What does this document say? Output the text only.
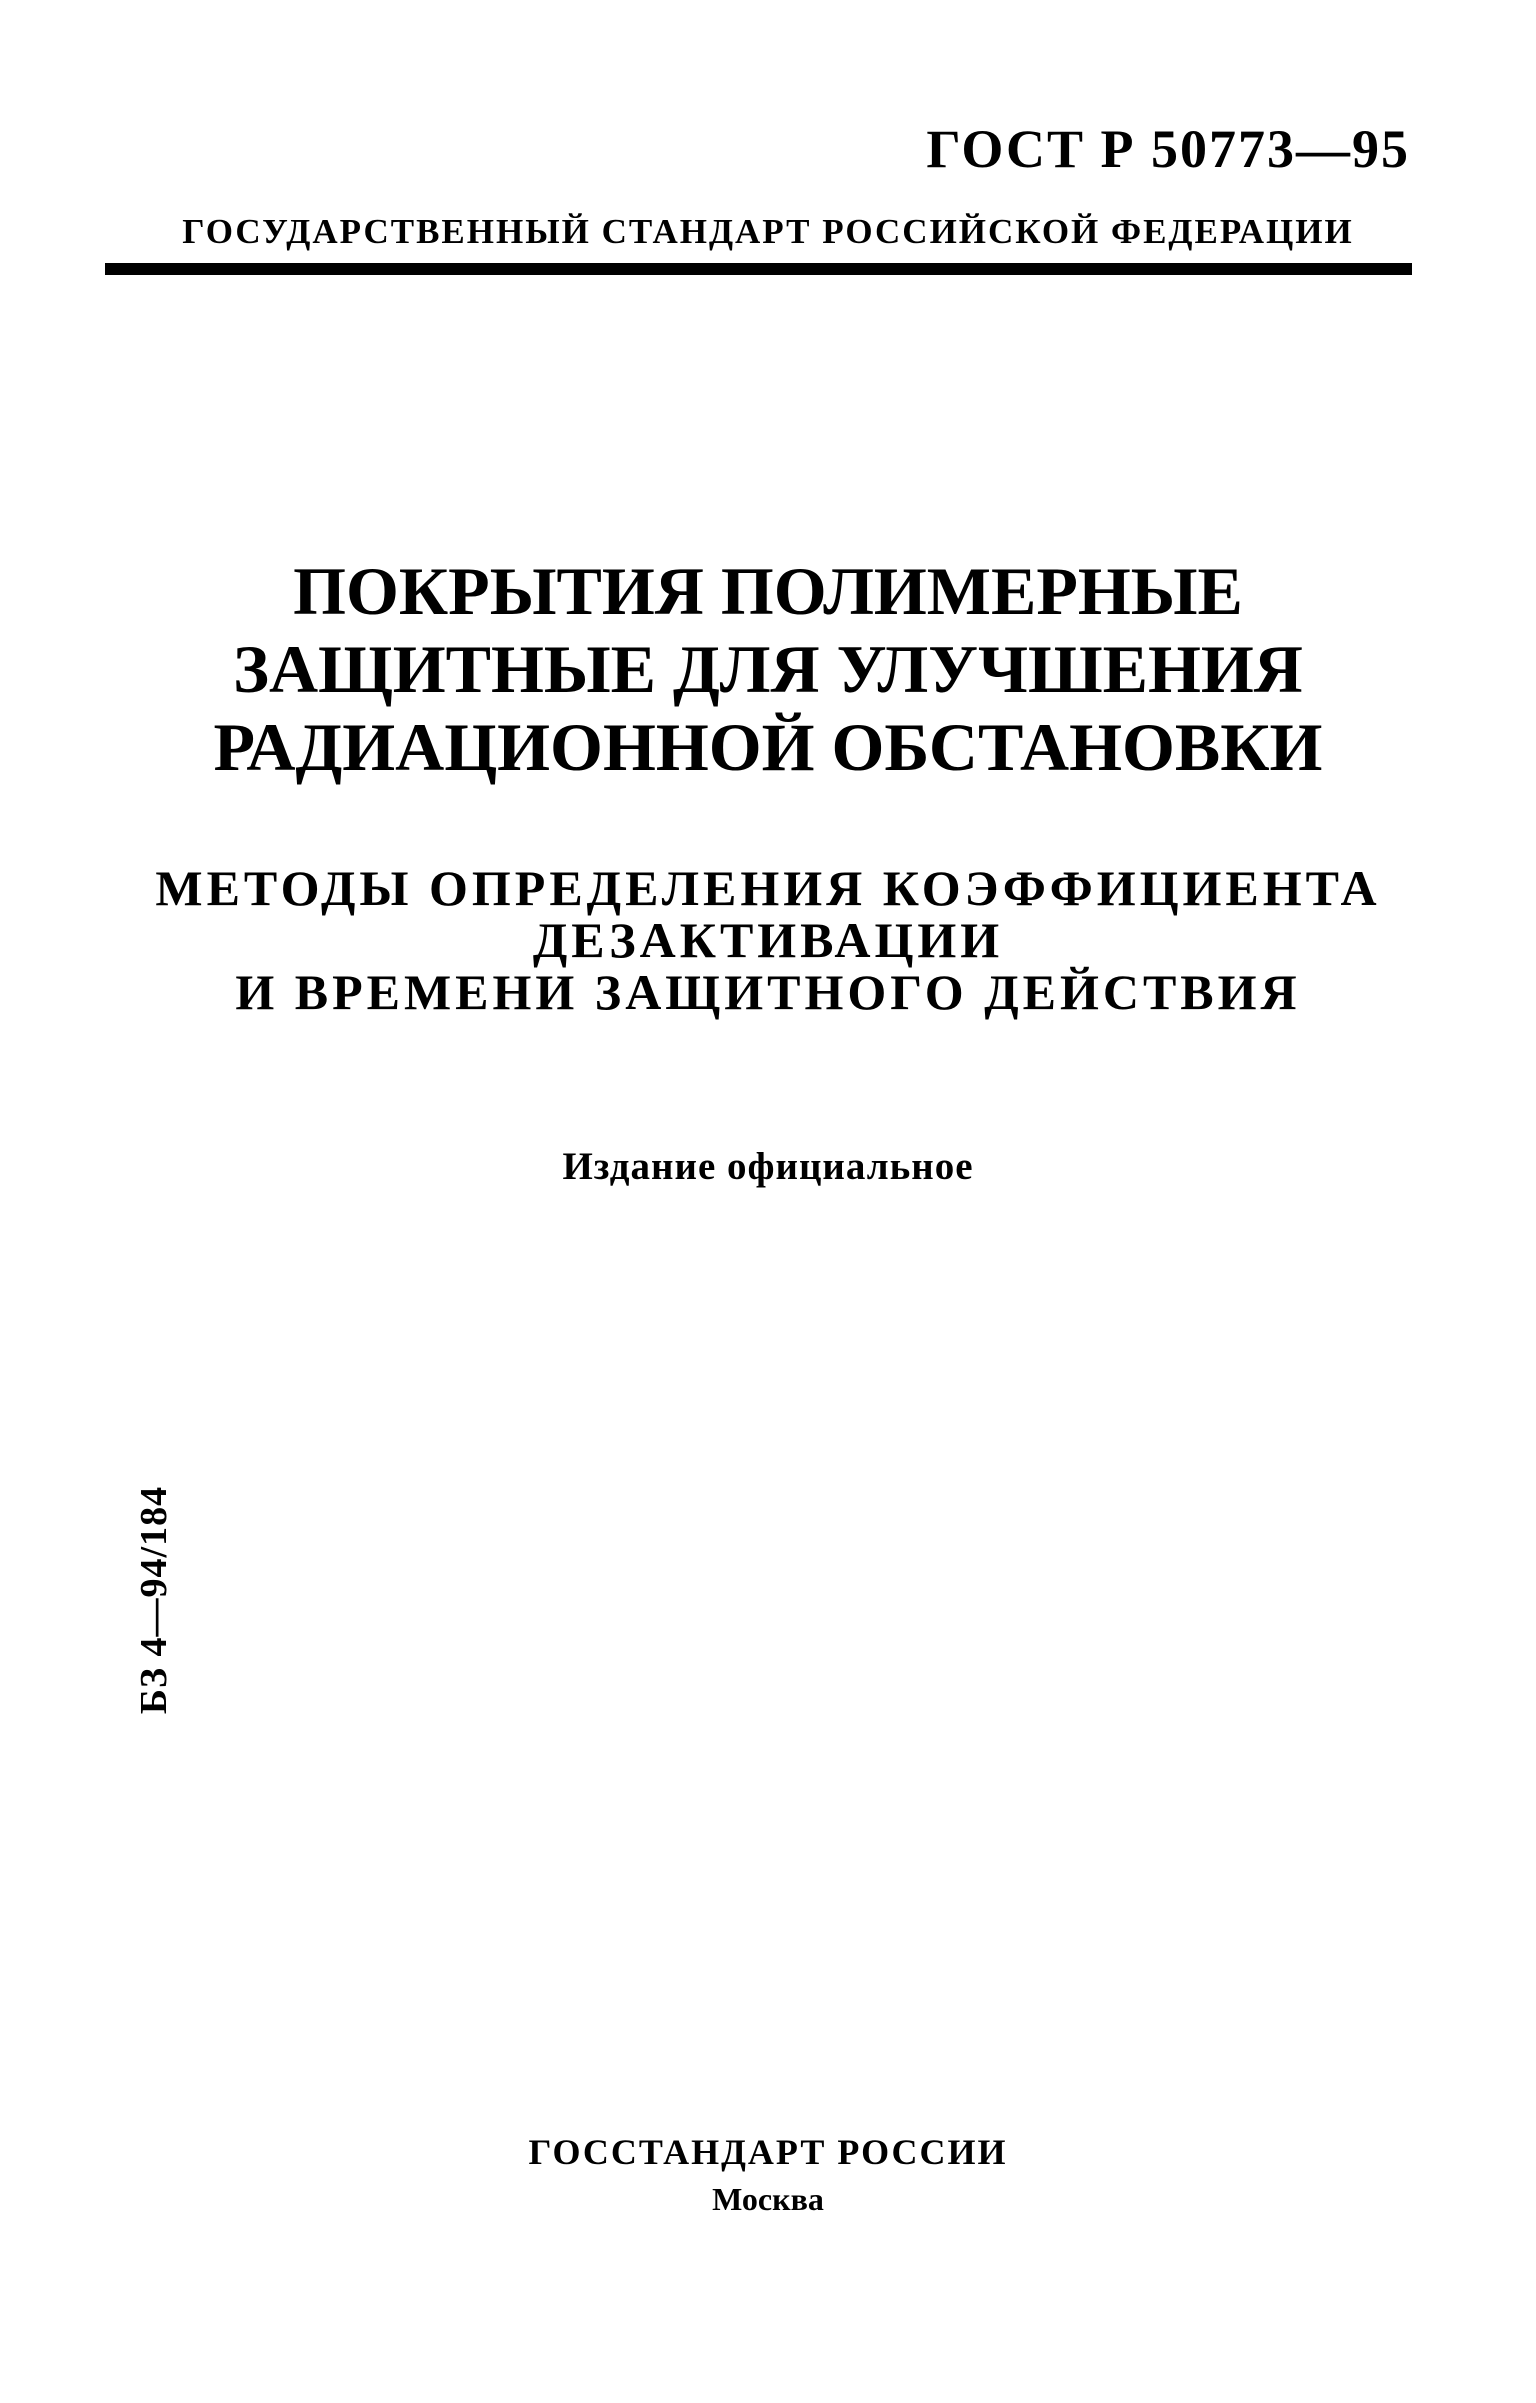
ГОСТ Р 50773—95
ГОСУДАРСТВЕННЫЙ СТАНДАРТ РОССИЙСКОЙ ФЕДЕРАЦИИ
ПОКРЫТИЯ ПОЛИМЕРНЫЕ
ЗАЩИТНЫЕ ДЛЯ УЛУЧШЕНИЯ
РАДИАЦИОННОЙ ОБСТАНОВКИ
МЕТОДЫ ОПРЕДЕЛЕНИЯ КОЭФФИЦИЕНТА
ДЕЗАКТИВАЦИИ
И ВРЕМЕНИ ЗАЩИТНОГО ДЕЙСТВИЯ
Издание официальное
БЗ 4—94/184
ГОССТАНДАРТ РОССИИ
Москва
